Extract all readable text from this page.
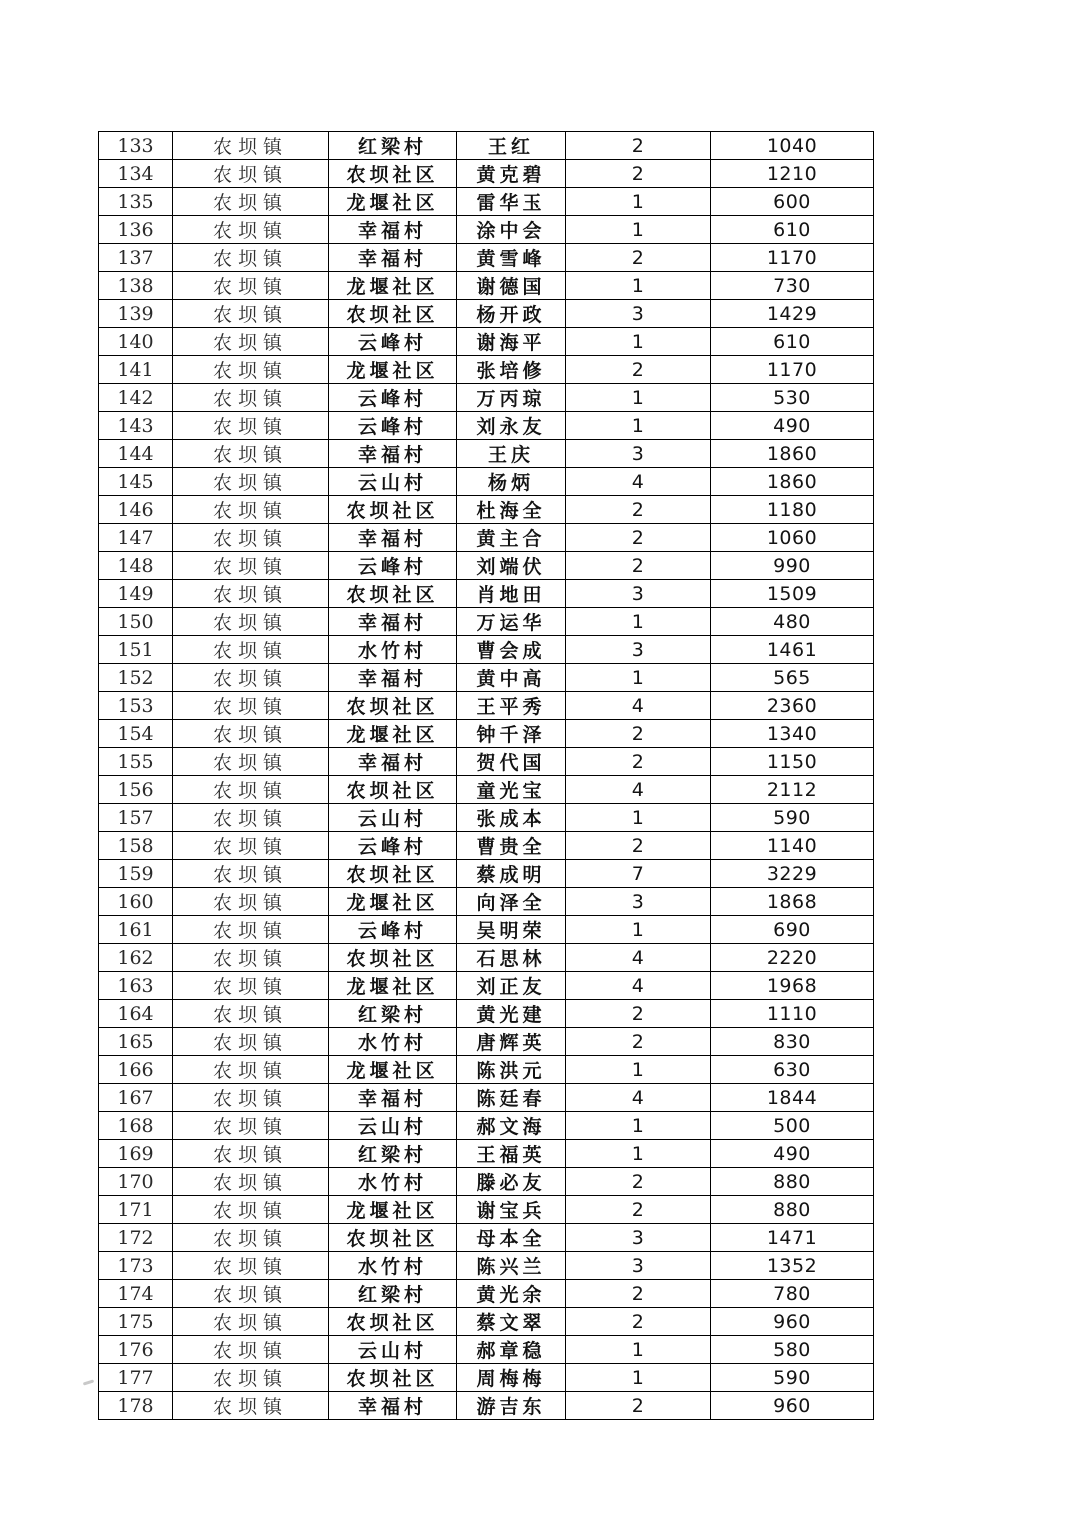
133	农坝镇	红梁村	王红	2	1040
134	农坝镇	农坝社区	黄克碧	2	1210
135	农坝镇	龙堰社区	雷华玉	1	600
136	农坝镇	幸福村	涂中会	1	610
137	农坝镇	幸福村	黄雪峰	2	1170
138	农坝镇	龙堰社区	谢德国	1	730
139	农坝镇	农坝社区	杨开政	3	1429
140	农坝镇	云峰村	谢海平	1	610
141	农坝镇	龙堰社区	张培修	2	1170
142	农坝镇	云峰村	万丙琼	1	530
143	农坝镇	云峰村	刘永友	1	490
144	农坝镇	幸福村	王庆	3	1860
145	农坝镇	云山村	杨炳	4	1860
146	农坝镇	农坝社区	杜海全	2	1180
147	农坝镇	幸福村	黄主合	2	1060
148	农坝镇	云峰村	刘端伏	2	990
149	农坝镇	农坝社区	肖地田	3	1509
150	农坝镇	幸福村	万运华	1	480
151	农坝镇	水竹村	曹会成	3	1461
152	农坝镇	幸福村	黄中高	1	565
153	农坝镇	农坝社区	王平秀	4	2360
154	农坝镇	龙堰社区	钟千泽	2	1340
155	农坝镇	幸福村	贺代国	2	1150
156	农坝镇	农坝社区	童光宝	4	2112
157	农坝镇	云山村	张成本	1	590
158	农坝镇	云峰村	曹贵全	2	1140
159	农坝镇	农坝社区	蔡成明	7	3229
160	农坝镇	龙堰社区	向泽全	3	1868
161	农坝镇	云峰村	吴明荣	1	690
162	农坝镇	农坝社区	石思林	4	2220
163	农坝镇	龙堰社区	刘正友	4	1968
164	农坝镇	红梁村	黄光建	2	1110
165	农坝镇	水竹村	唐辉英	2	830
166	农坝镇	龙堰社区	陈洪元	1	630
167	农坝镇	幸福村	陈廷春	4	1844
168	农坝镇	云山村	郝文海	1	500
169	农坝镇	红梁村	王福英	1	490
170	农坝镇	水竹村	滕必友	2	880
171	农坝镇	龙堰社区	谢宝兵	2	880
172	农坝镇	农坝社区	母本全	3	1471
173	农坝镇	水竹村	陈兴兰	3	1352
174	农坝镇	红梁村	黄光余	2	780
175	农坝镇	农坝社区	蔡文翠	2	960
176	农坝镇	云山村	郝章稳	1	580
177	农坝镇	农坝社区	周梅梅	1	590
178	农坝镇	幸福村	游吉东	2	960
